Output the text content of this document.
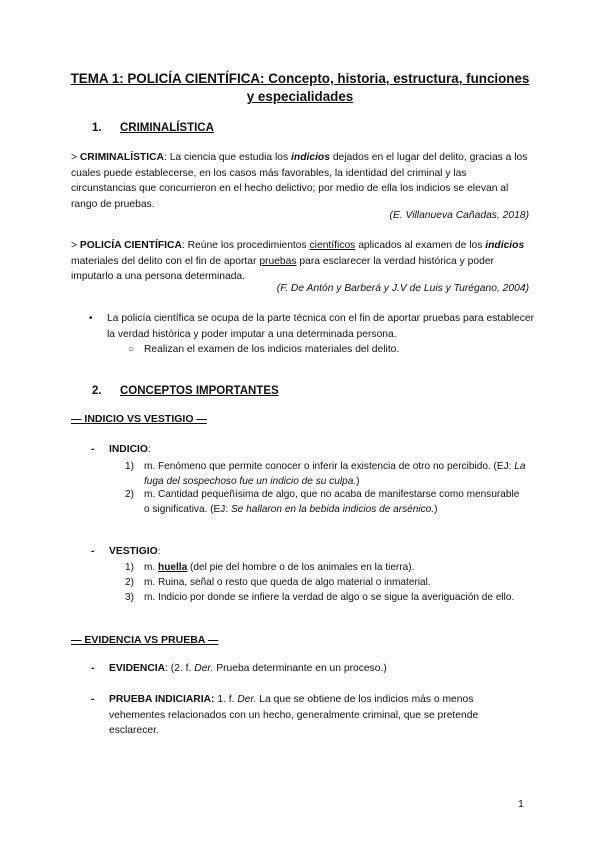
TEMA 1: POLICÍA CIENTÍFICA: Concepto, historia, estructura, funciones
y especialidades
1. CRIMINALÍSTICA
> CRIMINALÍSTICA: La ciencia que estudia los indicios dejados en el lugar del delito, gracias a los cuales puede establecerse, en los casos más favorables, la identidad del criminal y las circunstancias que concurrieron en el hecho delictivo; por medio de ella los indicios se elevan al rango de pruebas.
(E. Villanueva Cañadas, 2018)
> POLICÍA CIENTÍFICA: Reúne los procedimientos científicos aplicados al examen de los indicios materiales del delito con el fin de aportar pruebas para esclarecer la verdad histórica y poder imputarlo a una persona determinada.
(F. De Antón y Barberá y J.V de Luis y Turégano, 2004)
• La policía científica se ocupa de la parte técnica con el fin de aportar pruebas para establecer la verdad histórica y poder imputar a una determinada persona.
○ Realizan el examen de los indicios materiales del delito.
2. CONCEPTOS IMPORTANTES
— INDICIO VS VESTIGIO —
- INDICIO:
1) m. Fenómeno que permite conocer o inferir la existencia de otro no percibido. (EJ: La fuga del sospechoso fue un indicio de su culpa.)
2) m. Cantidad pequeñísima de algo, que no acaba de manifestarse como mensurable o significativa. (EJ: Se hallaron en la bebida indicios de arsénico.)
- VESTIGIO:
1) m. huella (del pie del hombre o de los animales en la tierra).
2) m. Ruina, señal o resto que queda de algo material o inmaterial.
3) m. Indicio por donde se infiere la verdad de algo o se sigue la averiguación de ello.
— EVIDENCIA VS PRUEBA —
- EVIDENCIA: (2. f. Der. Prueba determinante en un proceso.)
- PRUEBA INDICIARIA: 1. f. Der. La que se obtiene de los indicios más o menos vehementes relacionados con un hecho, generalmente criminal, que se pretende esclarecer.
1
